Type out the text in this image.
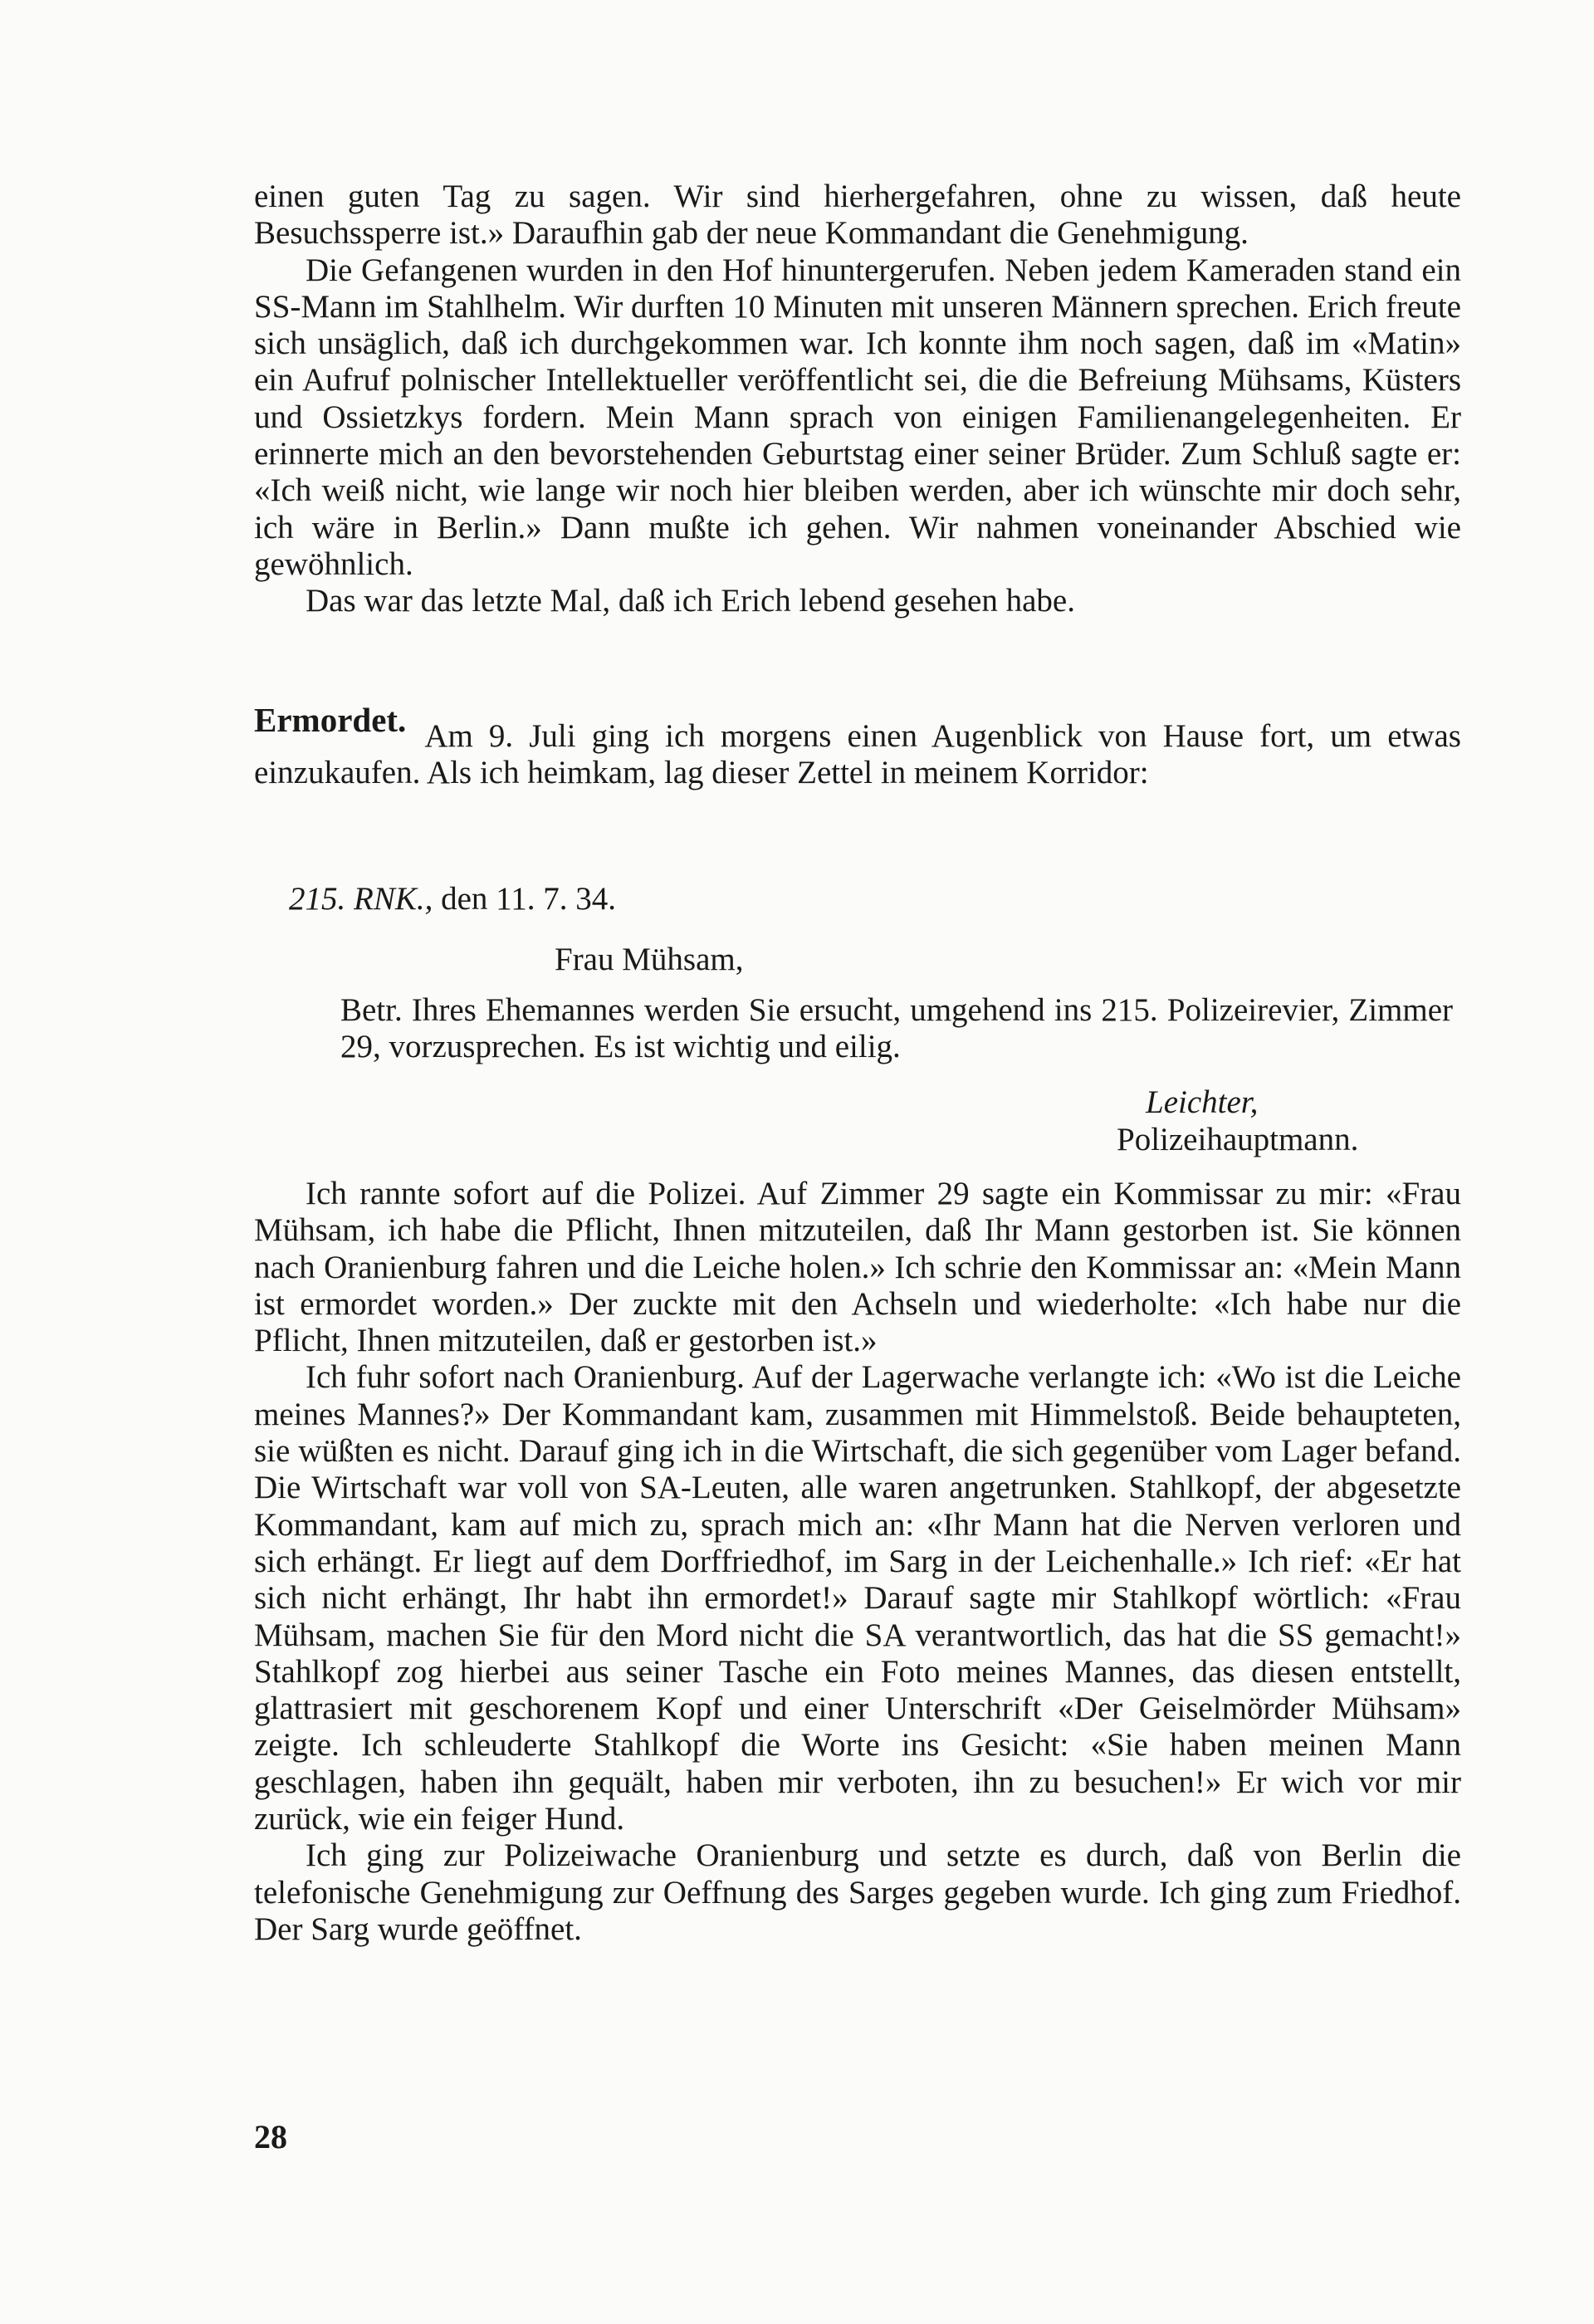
einen guten Tag zu sagen. Wir sind hierhergefahren, ohne zu wissen, daß heute Besuchssperre ist.» Daraufhin gab der neue Kommandant die Genehmigung.

Die Gefangenen wurden in den Hof hinuntergerufen. Neben jedem Kameraden stand ein SS-Mann im Stahlhelm. Wir durften 10 Minuten mit unseren Männern sprechen. Erich freute sich unsäglich, daß ich durchgekommen war. Ich konnte ihm noch sagen, daß im «Matin» ein Aufruf polnischer Intellektueller veröffentlicht sei, die die Befreiung Mühsams, Küsters und Ossietzkys fordern. Mein Mann sprach von einigen Familienangelegenheiten. Er erinnerte mich an den bevorstehenden Geburtstag einer seiner Brüder. Zum Schluß sagte er: «Ich weiß nicht, wie lange wir noch hier bleiben werden, aber ich wünschte mir doch sehr, ich wäre in Berlin.» Dann mußte ich gehen. Wir nahmen voneinander Abschied wie gewöhnlich.

Das war das letzte Mal, daß ich Erich lebend gesehen habe.

Ermordet. Am 9. Juli ging ich morgens einen Augenblick von Hause fort, um etwas einzukaufen. Als ich heimkam, lag dieser Zettel in meinem Korridor:

215. RNK., den 11. 7. 34.
Frau Mühsam,
Betr. Ihres Ehemannes werden Sie ersucht, umgehend ins 215. Polizeirevier, Zimmer 29, vorzusprechen. Es ist wichtig und eilig.
Leichter,
Polizeihauptmann.

Ich rannte sofort auf die Polizei. Auf Zimmer 29 sagte ein Kommissar zu mir: «Frau Mühsam, ich habe die Pflicht, Ihnen mitzuteilen, daß Ihr Mann gestorben ist. Sie können nach Oranienburg fahren und die Leiche holen.» Ich schrie den Kommissar an: «Mein Mann ist ermordet worden.» Der zuckte mit den Achseln und wiederholte: «Ich habe nur die Pflicht, Ihnen mitzuteilen, daß er gestorben ist.»

Ich fuhr sofort nach Oranienburg. Auf der Lagerwache verlangte ich: «Wo ist die Leiche meines Mannes?» Der Kommandant kam, zusammen mit Himmelstoß. Beide behaupteten, sie wüßten es nicht. Darauf ging ich in die Wirtschaft, die sich gegenüber vom Lager befand. Die Wirtschaft war voll von SA-Leuten, alle waren angetrunken. Stahlkopf, der abgesetzte Kommandant, kam auf mich zu, sprach mich an: «Ihr Mann hat die Nerven verloren und sich erhängt. Er liegt auf dem Dorffriedhof, im Sarg in der Leichenhalle.» Ich rief: «Er hat sich nicht erhängt, Ihr habt ihn ermordet!» Darauf sagte mir Stahlkopf wörtlich: «Frau Mühsam, machen Sie für den Mord nicht die SA verantwortlich, das hat die SS gemacht!» Stahlkopf zog hierbei aus seiner Tasche ein Foto meines Mannes, das diesen entstellt, glattrasiert mit geschorenem Kopf und einer Unterschrift «Der Geiselmörder Mühsam» zeigte. Ich schleuderte Stahlkopf die Worte ins Gesicht: «Sie haben meinen Mann geschlagen, haben ihn gequält, haben mir verboten, ihn zu besuchen!» Er wich vor mir zurück, wie ein feiger Hund.

Ich ging zur Polizeiwache Oranienburg und setzte es durch, daß von Berlin die telefonische Genehmigung zur Oeffnung des Sarges gegeben wurde. Ich ging zum Friedhof. Der Sarg wurde geöffnet.

28
